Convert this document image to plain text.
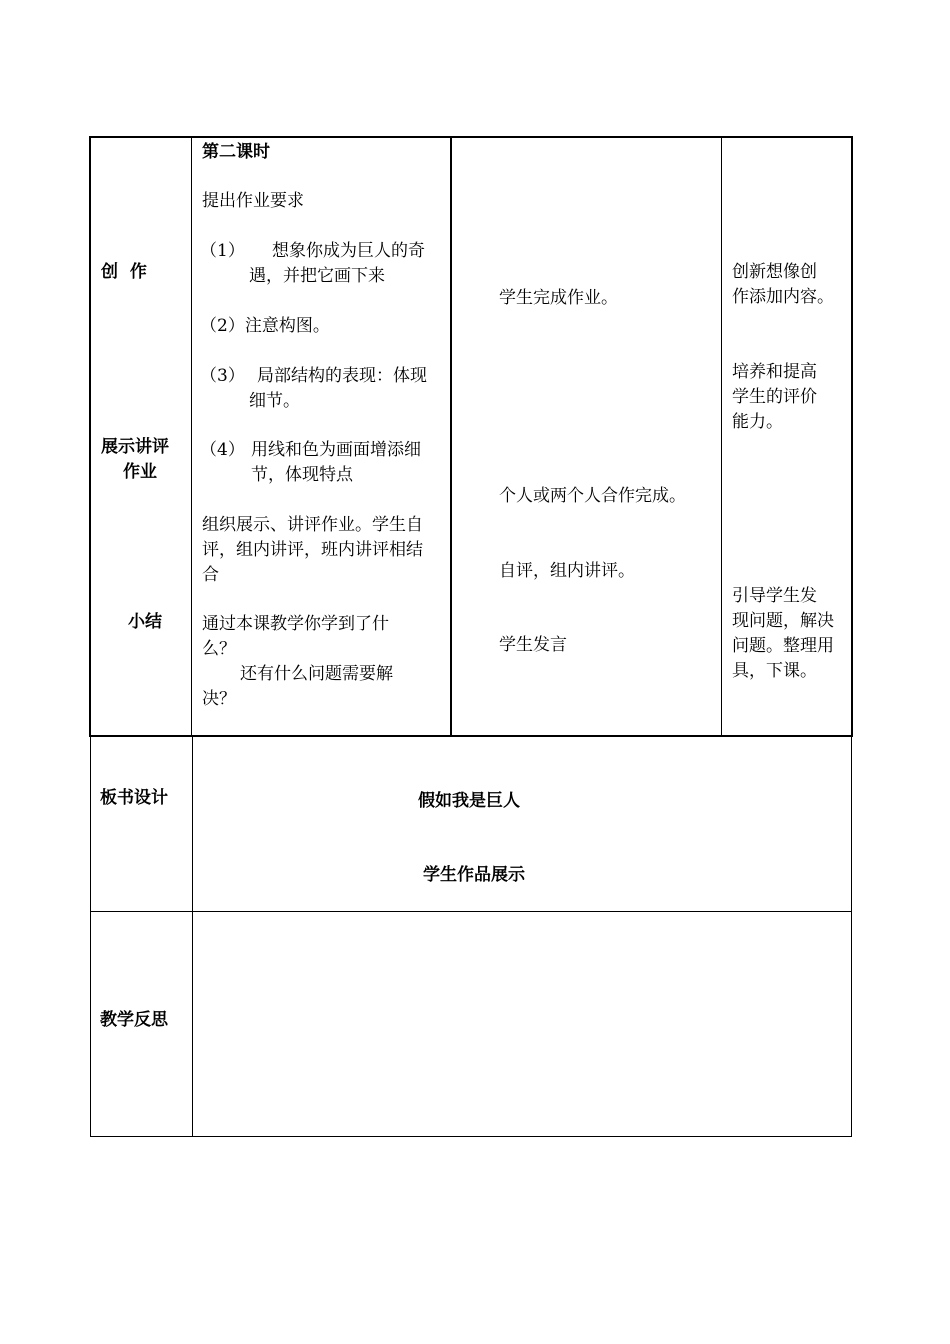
创  作
展示讲评
作业
小结
第二课时
提出作业要求
（1） 想象你成为巨人的奇
遇，并把它画下来
（2）注意构图。
（3） 局部结构的表现：体现
细节。
（4） 用线和色为画面增添细
节，体现特点
组织展示、讲评作业。学生自
评，组内讲评，班内讲评相结
合
通过本课教学你学到了什
么？
还有什么问题需要解
决？
学生完成作业。
个人或两个人合作完成。
自评，组内讲评。
学生发言
创新想像创
作添加内容。
培养和提高
学生的评价
能力。
引导学生发
现问题，解决
问题。整理用
具，下课。
板书设计	假如我是巨人
学生作品展示
教学反思
